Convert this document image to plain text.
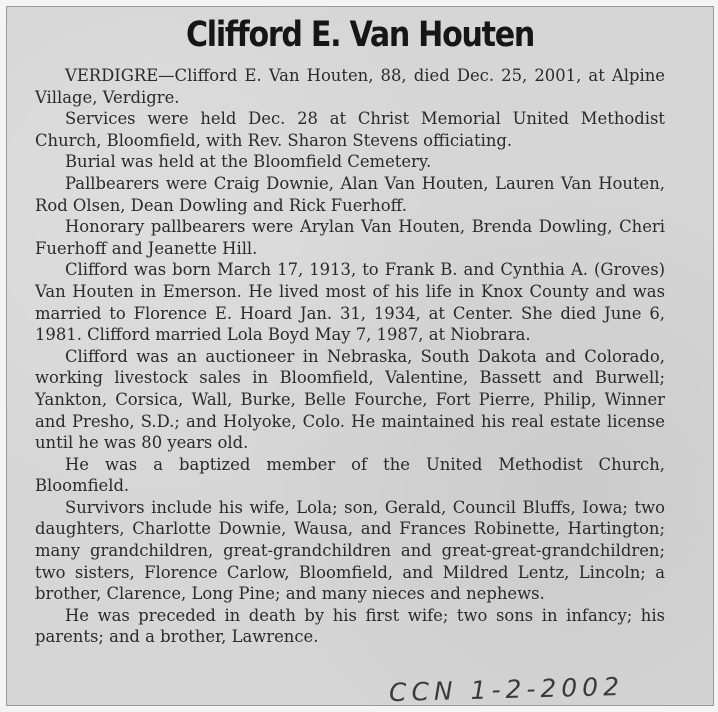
Clifford E. Van Houten

VERDIGRE—Clifford E. Van Houten, 88, died Dec. 25, 2001, at Alpine Village, Verdigre.

Services were held Dec. 28 at Christ Memorial United Methodist Church, Bloomfield, with Rev. Sharon Stevens officiating.

Burial was held at the Bloomfield Cemetery.

Pallbearers were Craig Downie, Alan Van Houten, Lauren Van Houten, Rod Olsen, Dean Dowling and Rick Fuerhoff.

Honorary pallbearers were Arylan Van Houten, Brenda Dowling, Cheri Fuerhoff and Jeanette Hill.

Clifford was born March 17, 1913, to Frank B. and Cynthia A. (Groves) Van Houten in Emerson. He lived most of his life in Knox County and was married to Florence E. Hoard Jan. 31, 1934, at Center. She died June 6, 1981. Clifford married Lola Boyd May 7, 1987, at Niobrara.

Clifford was an auctioneer in Nebraska, South Dakota and Colorado, working livestock sales in Bloomfield, Valentine, Bassett and Burwell; Yankton, Corsica, Wall, Burke, Belle Fourche, Fort Pierre, Philip, Winner and Presho, S.D.; and Holyoke, Colo. He maintained his real estate license until he was 80 years old.

He was a baptized member of the United Methodist Church, Bloomfield.

Survivors include his wife, Lola; son, Gerald, Council Bluffs, Iowa; two daughters, Charlotte Downie, Wausa, and Frances Robinette, Hartington; many grandchildren, great-grandchildren and great-great-grandchildren; two sisters, Florence Carlow, Bloomfield, and Mildred Lentz, Lincoln; a brother, Clarence, Long Pine; and many nieces and nephews.

He was preceded in death by his first wife; two sons in infancy; his parents; and a brother, Lawrence.

CCN 1-2-2002
